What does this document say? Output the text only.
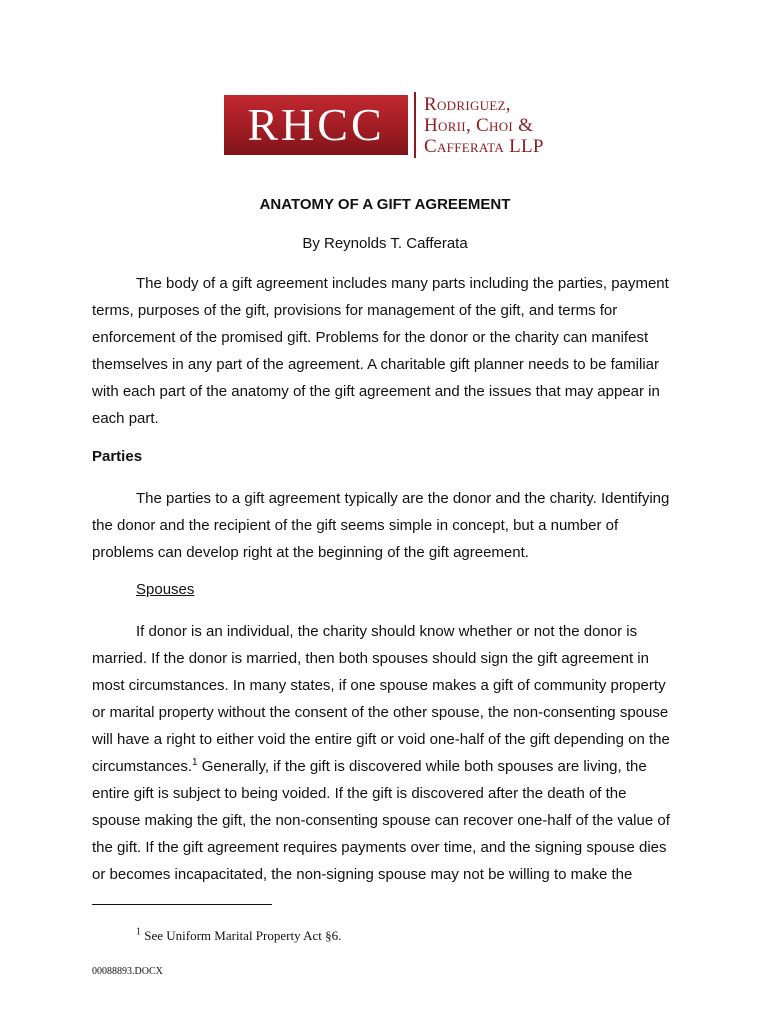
RHCC Rodriguez,
Horii, Choi &
Cafferata LLP
ANATOMY OF A GIFT AGREEMENT
By Reynolds T. Cafferata

The body of a gift agreement includes many parts including the parties, payment terms, purposes of the gift, provisions for management of the gift, and terms for enforcement of the promised gift. Problems for the donor or the charity can manifest themselves in any part of the agreement. A charitable gift planner needs to be familiar with each part of the anatomy of the gift agreement and the issues that may appear in each part.

Parties

The parties to a gift agreement typically are the donor and the charity. Identifying the donor and the recipient of the gift seems simple in concept, but a number of problems can develop right at the beginning of the gift agreement.

Spouses

If donor is an individual, the charity should know whether or not the donor is married. If the donor is married, then both spouses should sign the gift agreement in most circumstances. In many states, if one spouse makes a gift of community property or marital property without the consent of the other spouse, the non-consenting spouse will have a right to either void the entire gift or void one-half of the gift depending on the circumstances.$^1$ Generally, if the gift is discovered while both spouses are living, the entire gift is subject to being voided. If the gift is discovered after the death of the spouse making the gift, the non-consenting spouse can recover one-half of the value of the gift. If the gift agreement requires payments over time, and the signing spouse dies or becomes incapacitated, the non-signing spouse may not be willing to make the

$^1$ See Uniform Marital Property Act §6.
00088893.DOCX
